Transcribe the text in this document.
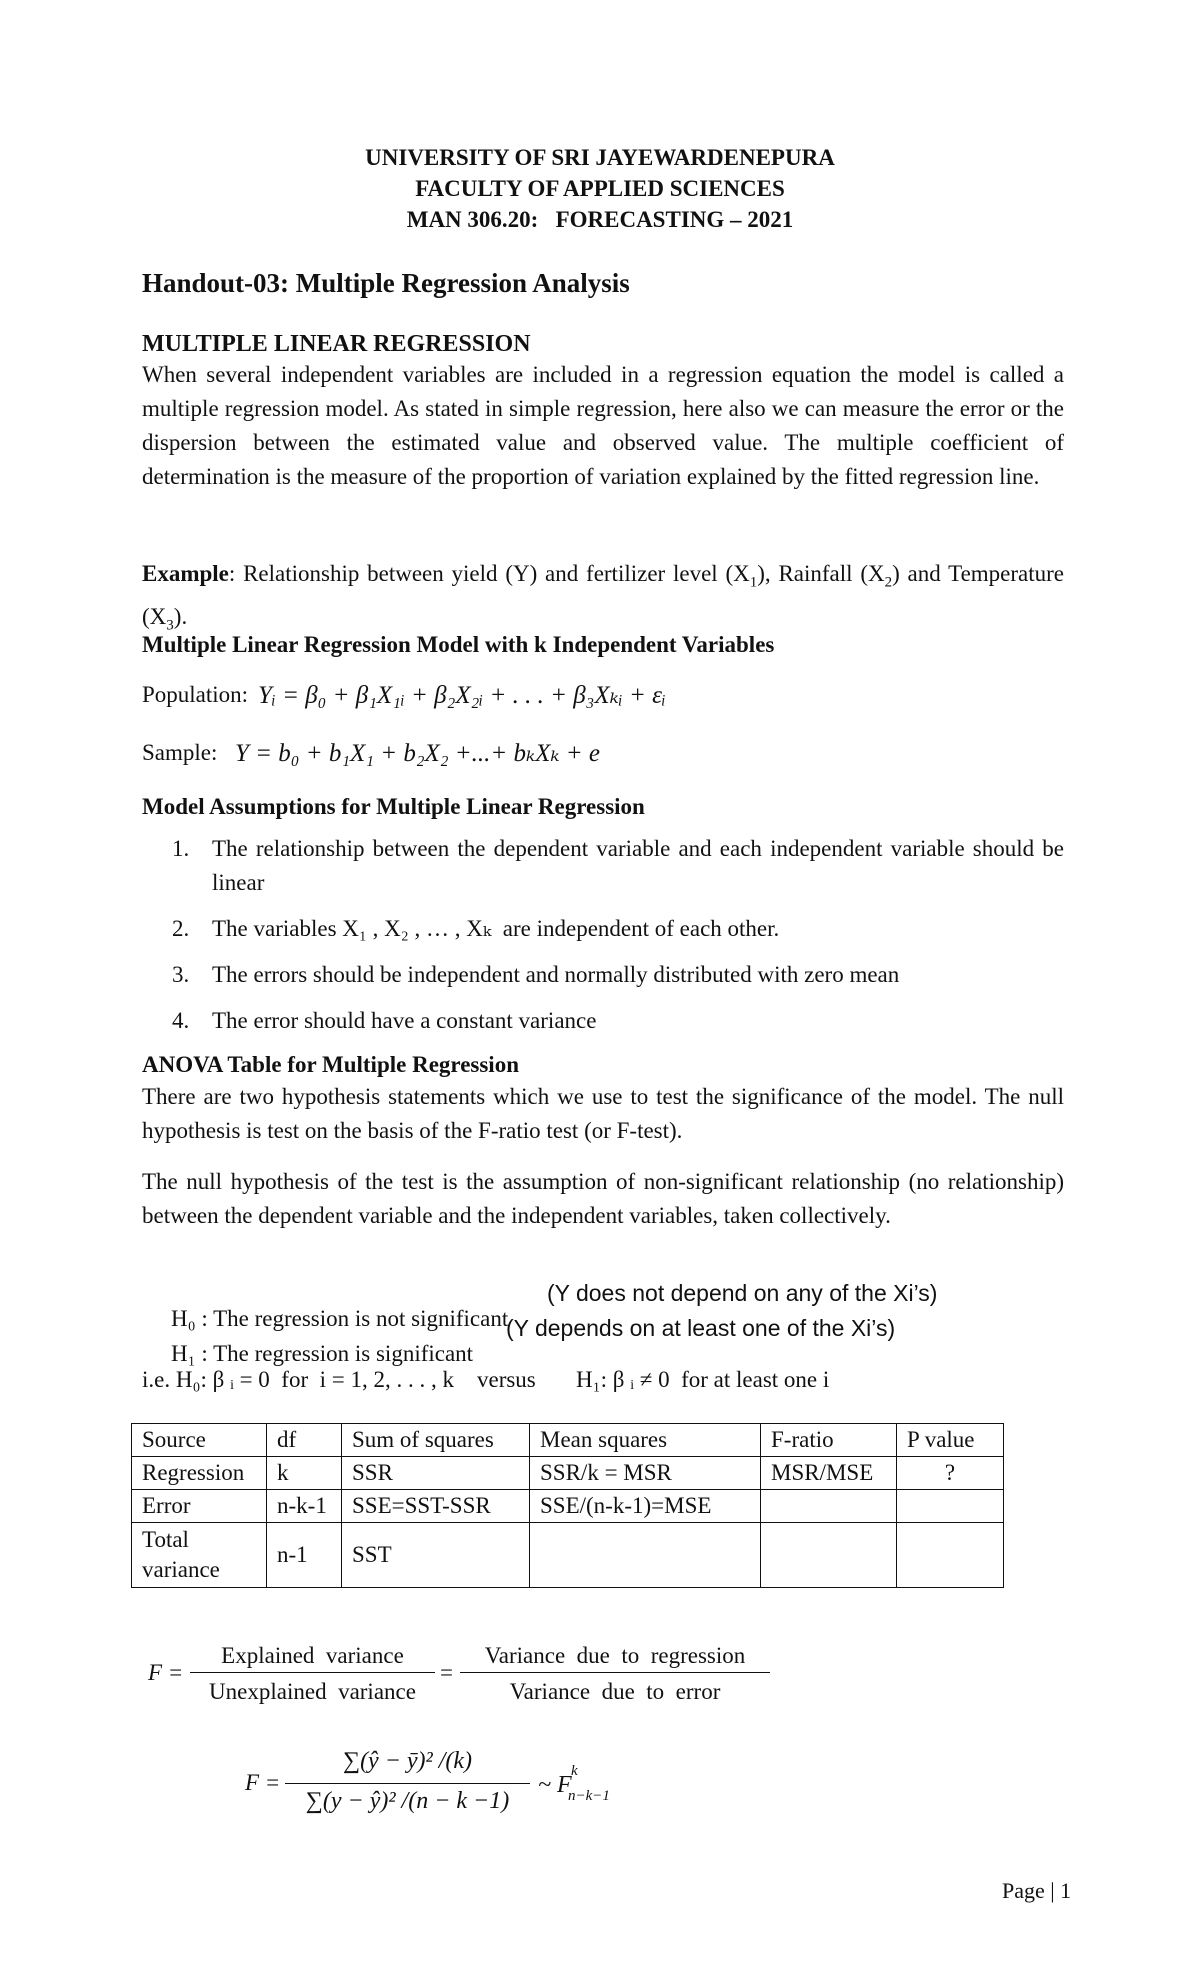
UNIVERSITY OF SRI JAYEWARDENEPURA
FACULTY OF APPLIED SCIENCES
MAN 306.20:   FORECASTING – 2021
Handout-03: Multiple Regression Analysis
MULTIPLE LINEAR REGRESSION
When several independent variables are included in a regression equation the model is called a multiple regression model. As stated in simple regression, here also we can measure the error or the dispersion between the estimated value and observed value. The multiple coefficient of determination is the measure of the proportion of variation explained by the fitted regression line.
Example: Relationship between yield (Y) and fertilizer level $(X_1)$, Rainfall $(X_2)$ and Temperature $(X_3)$.
Multiple Linear Regression Model with k Independent Variables
Population: Yᵢ = β₀ + β₁X₁ᵢ + β₂X₂ᵢ + . . . + β₃Xₖᵢ + εᵢ
Sample: Y = b₀ + b₁X₁ + b₂X₂ +...+ bₖXₖ + e
Model Assumptions for Multiple Linear Regression
1. The relationship between the dependent variable and each independent variable should be linear
2. The variables X₁ , X₂ , … , Xₖ  are independent of each other.
3. The errors should be independent and normally distributed with zero mean
4. The error should have a constant variance
ANOVA Table for Multiple Regression
There are two hypothesis statements which we use to test the significance of the model. The null hypothesis is test on the basis of the F-ratio test (or F-test).
The null hypothesis of the test is the assumption of non-significant relationship (no relationship) between the dependent variable and the independent variables, taken collectively.

H₀ : The regression is not significant

(Y does not depend on any of the Xi’s)

H₁ : The regression is significant

(Y depends on at least one of the Xi’s)
i.e. H₀: β ᵢ = 0  for  i = 1, 2, . . . , k    versus       H₁: β ᵢ ≠ 0  for at least one i
Source	df	Sum of squares	Mean squares	F-ratio	P value
Regression	k	SSR	SSR/k = MSR	MSR/MSE	?
Error	n-k-1	SSE=SST-SSR	SSE/(n-k-1)=MSE		
Total variance	n-1	SST			
F =
Explained  variance
Unexplained  variance
=
Variance  due  to  regression
Variance  due  to  error
F =
∑(ŷ − ȳ)² /(k)
∑(y − ŷ)² /(n − k −1)
~ F
k
n−k−1
Page | 1
